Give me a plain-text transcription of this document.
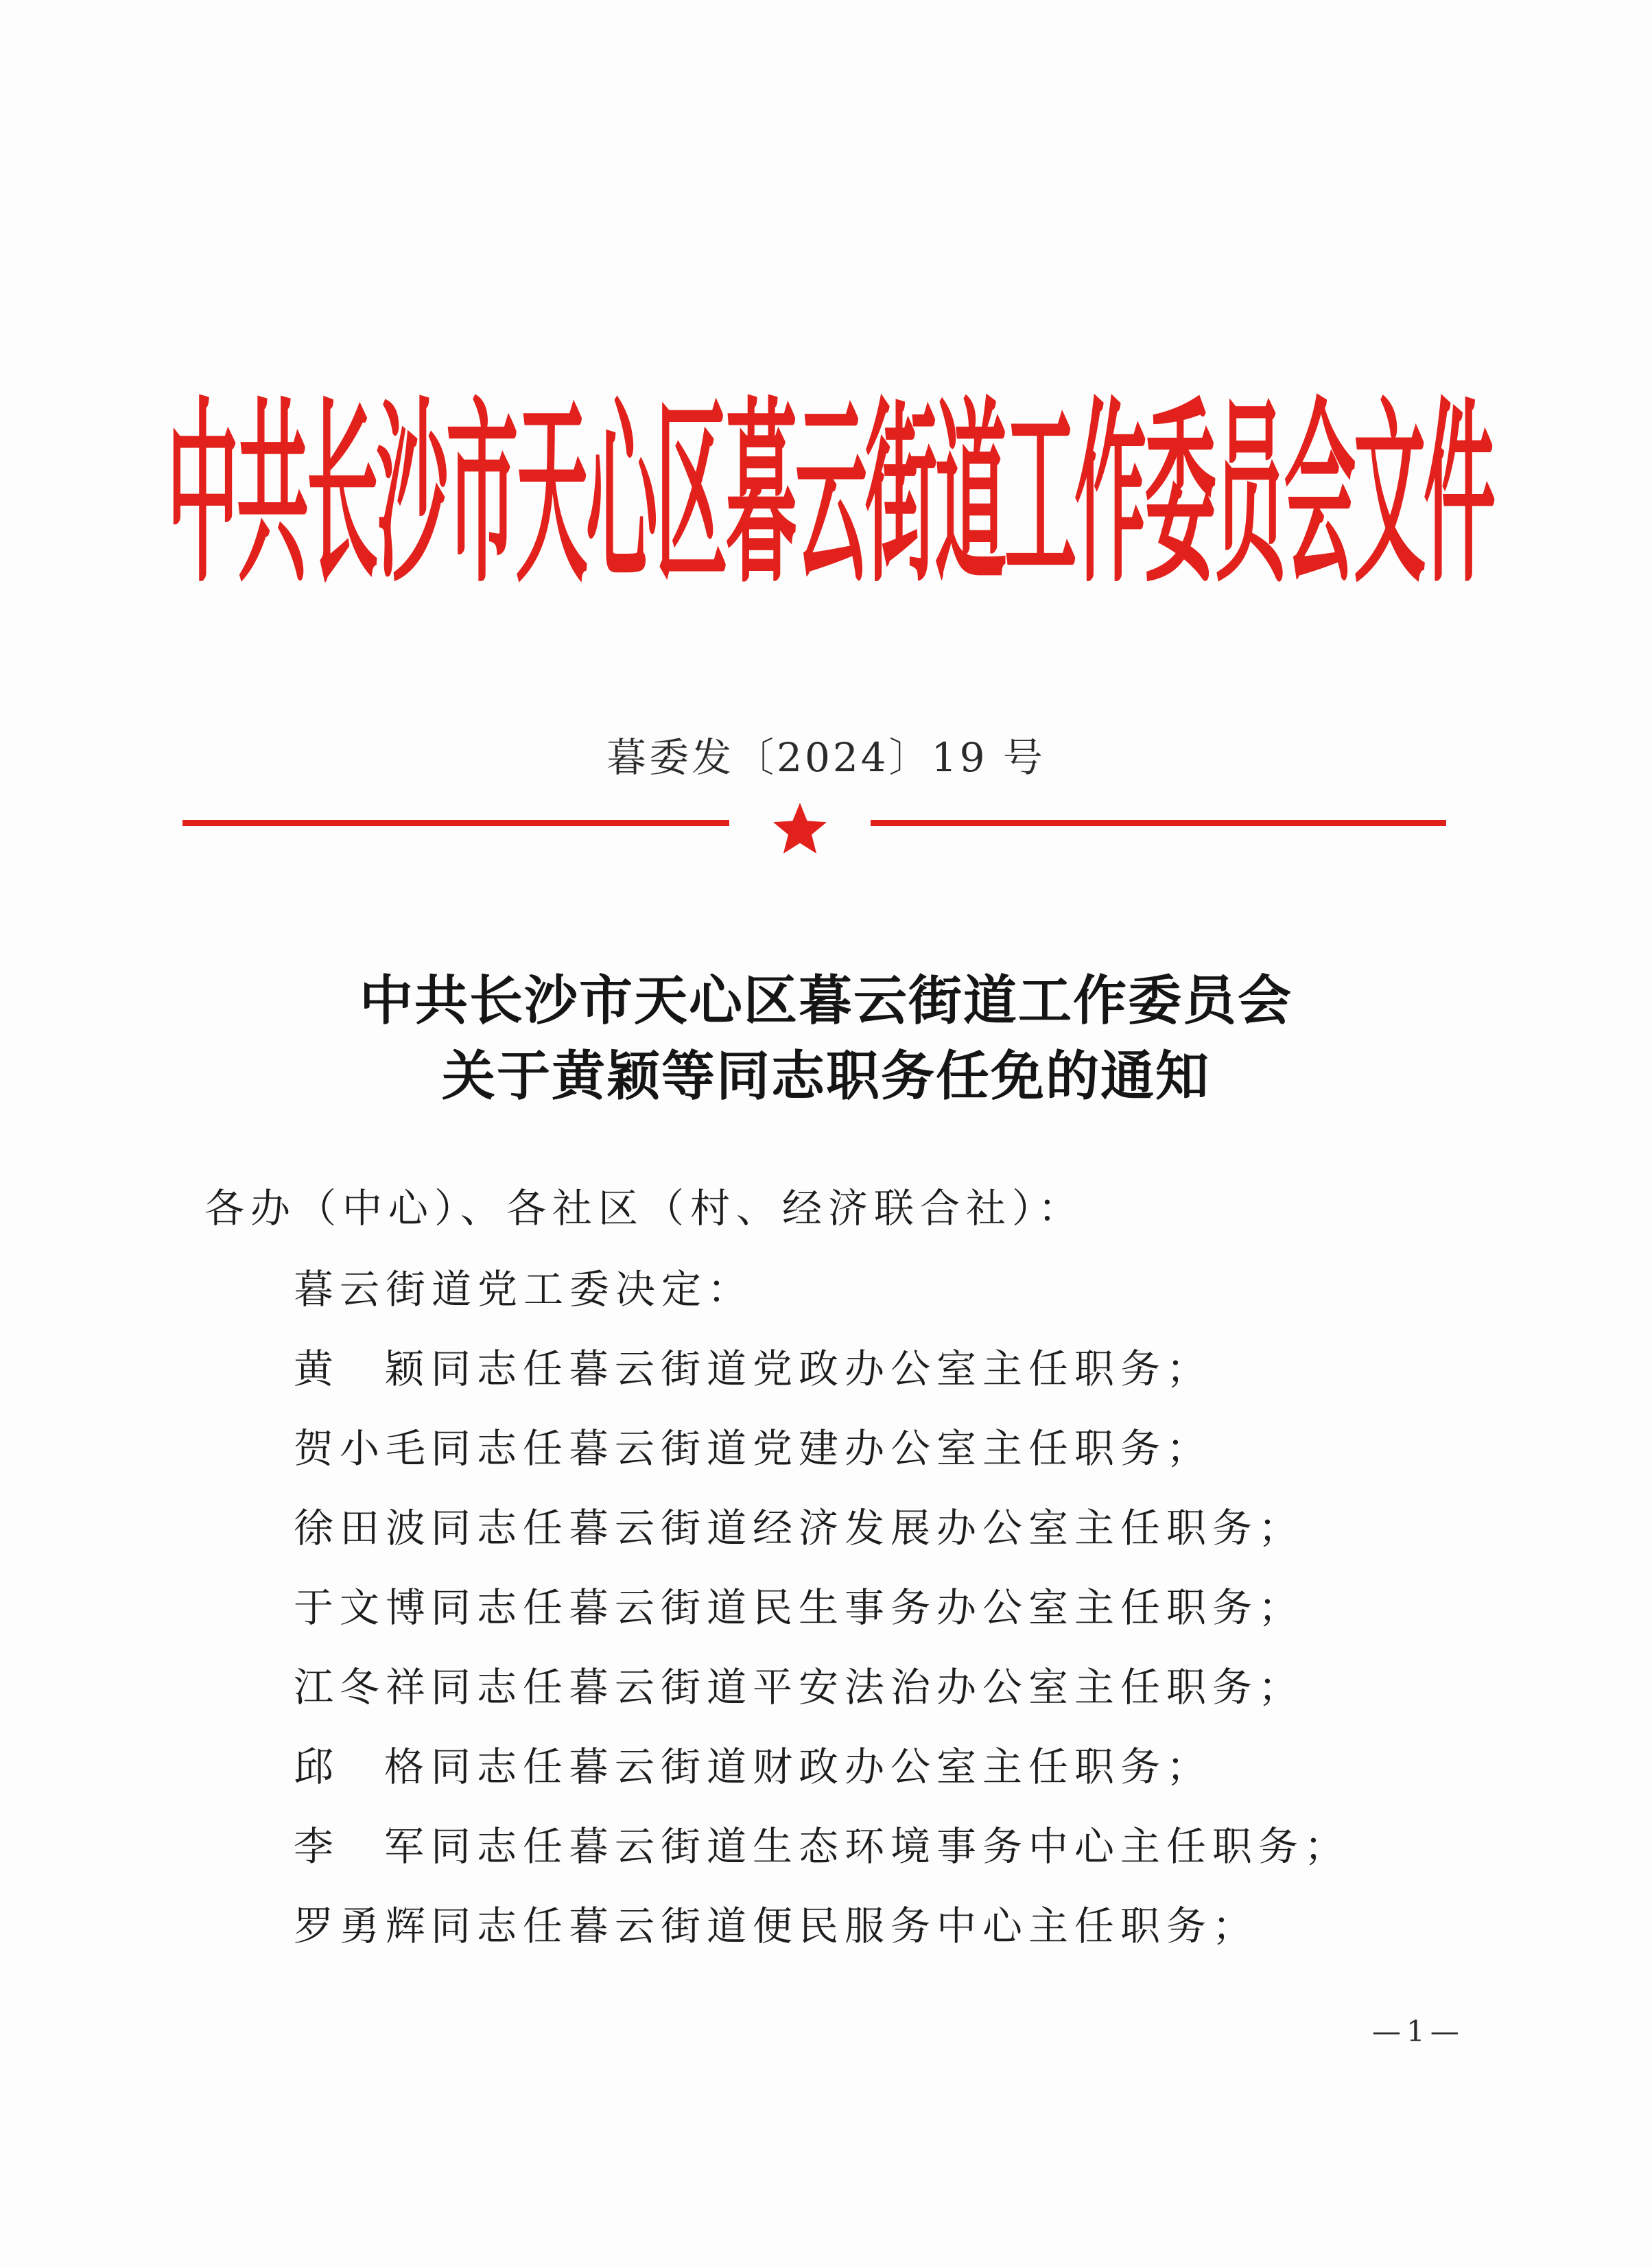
中共长沙市天心区暮云街道工作委员会文件
暮委发〔2024〕19 号
中共长沙市天心区暮云街道工作委员会
关于黄颖等同志职务任免的通知
各办（中心）、各社区（村、经济联合社）：
暮云街道党工委决定：
黄 颖 同志任暮云街道党政办公室主任职务；
贺小毛同志任暮云街道党建办公室主任职务；
徐田波同志任暮云街道经济发展办公室主任职务；
于文博同志任暮云街道民生事务办公室主任职务；
江冬祥同志任暮云街道平安法治办公室主任职务；
邱 格 同志任暮云街道财政办公室主任职务；
李 军 同志任暮云街道生态环境事务中心主任职务；
罗勇辉同志任暮云街道便民服务中心主任职务；
—1—
